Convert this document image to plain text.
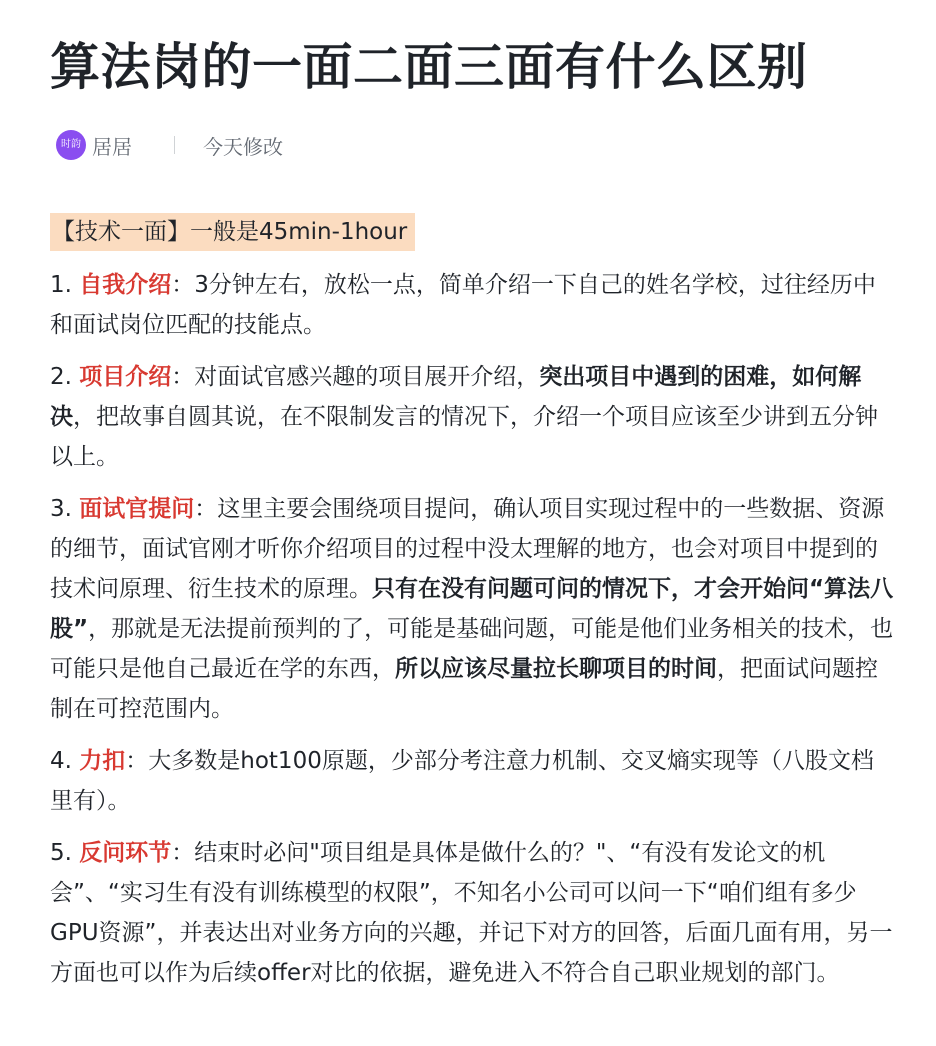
算法岗的一面二面三面有什么区别
时韵 居居	今天修改
【技术一面】一般是45min-1hour

1. 自我介绍：3分钟左右，放松一点，简单介绍一下自己的姓名学校，过往经历中和面试岗位匹配的技能点。

2. 项目介绍：对面试官感兴趣的项目展开介绍，突出项目中遇到的困难，如何解决，把故事自圆其说，在不限制发言的情况下，介绍一个项目应该至少讲到五分钟以上。

3. 面试官提问：这里主要会围绕项目提问，确认项目实现过程中的一些数据、资源的细节，面试官刚才听你介绍项目的过程中没太理解的地方，也会对项目中提到的技术问原理、衍生技术的原理。只有在没有问题可问的情况下，才会开始问“算法八股”，那就是无法提前预判的了，可能是基础问题，可能是他们业务相关的技术，也可能只是他自己最近在学的东西，所以应该尽量拉长聊项目的时间，把面试问题控制在可控范围内。

4. 力扣：大多数是hot100原题，少部分考注意力机制、交叉熵实现等（八股文档里有）。

5. 反问环节：结束时必问"项目组是具体是做什么的？"、“有没有发论文的机会”、“实习生有没有训练模型的权限”，不知名小公司可以问一下“咱们组有多少GPU资源”，并表达出对业务方向的兴趣，并记下对方的回答，后面几面有用，另一方面也可以作为后续offer对比的依据，避免进入不符合自己职业规划的部门。
